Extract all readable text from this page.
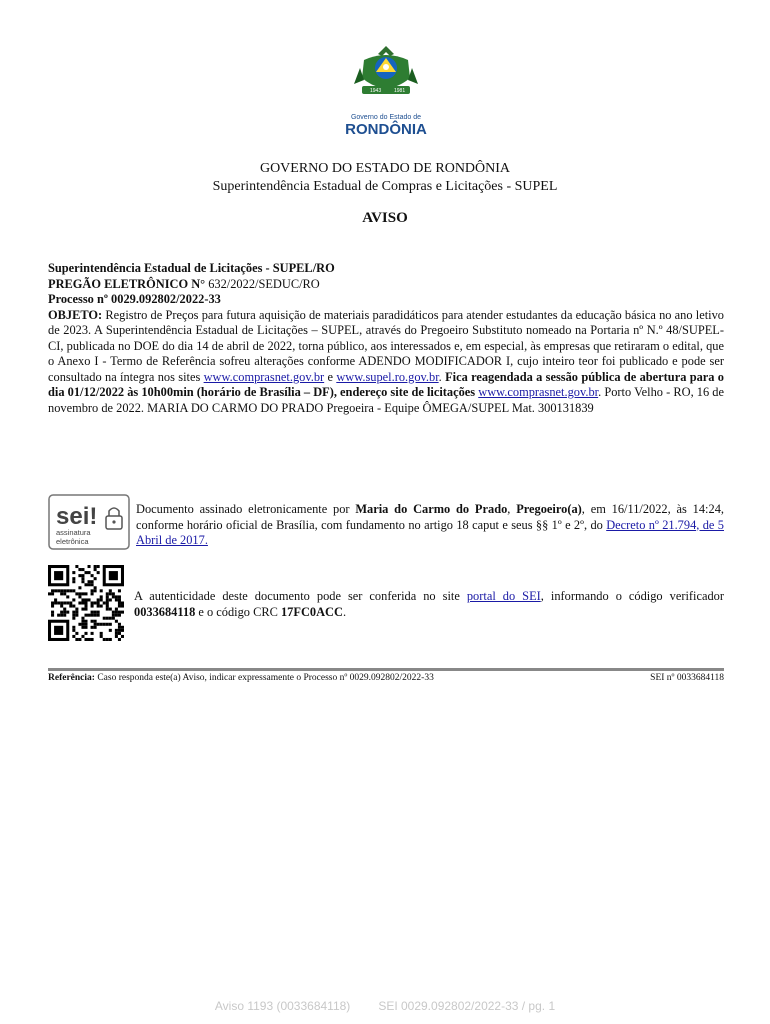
1943	1981
Governo do Estado de
RONDÔNIA
GOVERNO DO ESTADO DE RONDÔNIA
Superintendência Estadual de Compras e Licitações - SUPEL
AVISO
Superintendência Estadual de Licitações - SUPEL/RO
PREGÃO ELETRÔNICO N° 632/2022/SEDUC/RO
Processo nº 0029.092802/2022-33
OBJETO: Registro de Preços para futura aquisição de materiais paradidáticos para atender estudantes da educação básica no ano letivo de 2023. A Superintendência Estadual de Licitações – SUPEL, através do Pregoeiro Substituto nomeado na Portaria nº N.º 48/SUPEL-CI, publicada no DOE do dia 14 de abril de 2022, torna público, aos interessados e, em especial, às empresas que retiraram o edital, que o Anexo I - Termo de Referência sofreu alterações conforme ADENDO MODIFICADOR I, cujo inteiro teor foi publicado e pode ser consultado na íntegra nos sites www.comprasnet.gov.br e www.supel.ro.gov.br. Fica reagendada a sessão pública de abertura para o dia 01/12/2022 às 10h00min (horário de Brasília – DF), endereço site de licitações www.comprasnet.gov.br. Porto Velho - RO, 16 de novembro de 2022. MARIA DO CARMO DO PRADO Pregoeira - Equipe ÔMEGA/SUPEL Mat. 300131839
sei!
assinatura
eletrônica
Documento assinado eletronicamente por Maria do Carmo do Prado, Pregoeiro(a), em 16/11/2022, às 14:24, conforme horário oficial de Brasília, com fundamento no artigo 18 caput e seus §§ 1º e 2º, do Decreto nº 21.794, de 5 Abril de 2017.
A autenticidade deste documento pode ser conferida no site portal do SEI, informando o código verificador 0033684118 e o código CRC 17FC0ACC.
Referência: Caso responda este(a) Aviso, indicar expressamente o Processo nº 0029.092802/2022-33	SEI nº 0033684118
Aviso 1193 (0033684118) SEI 0029.092802/2022-33 / pg. 1
